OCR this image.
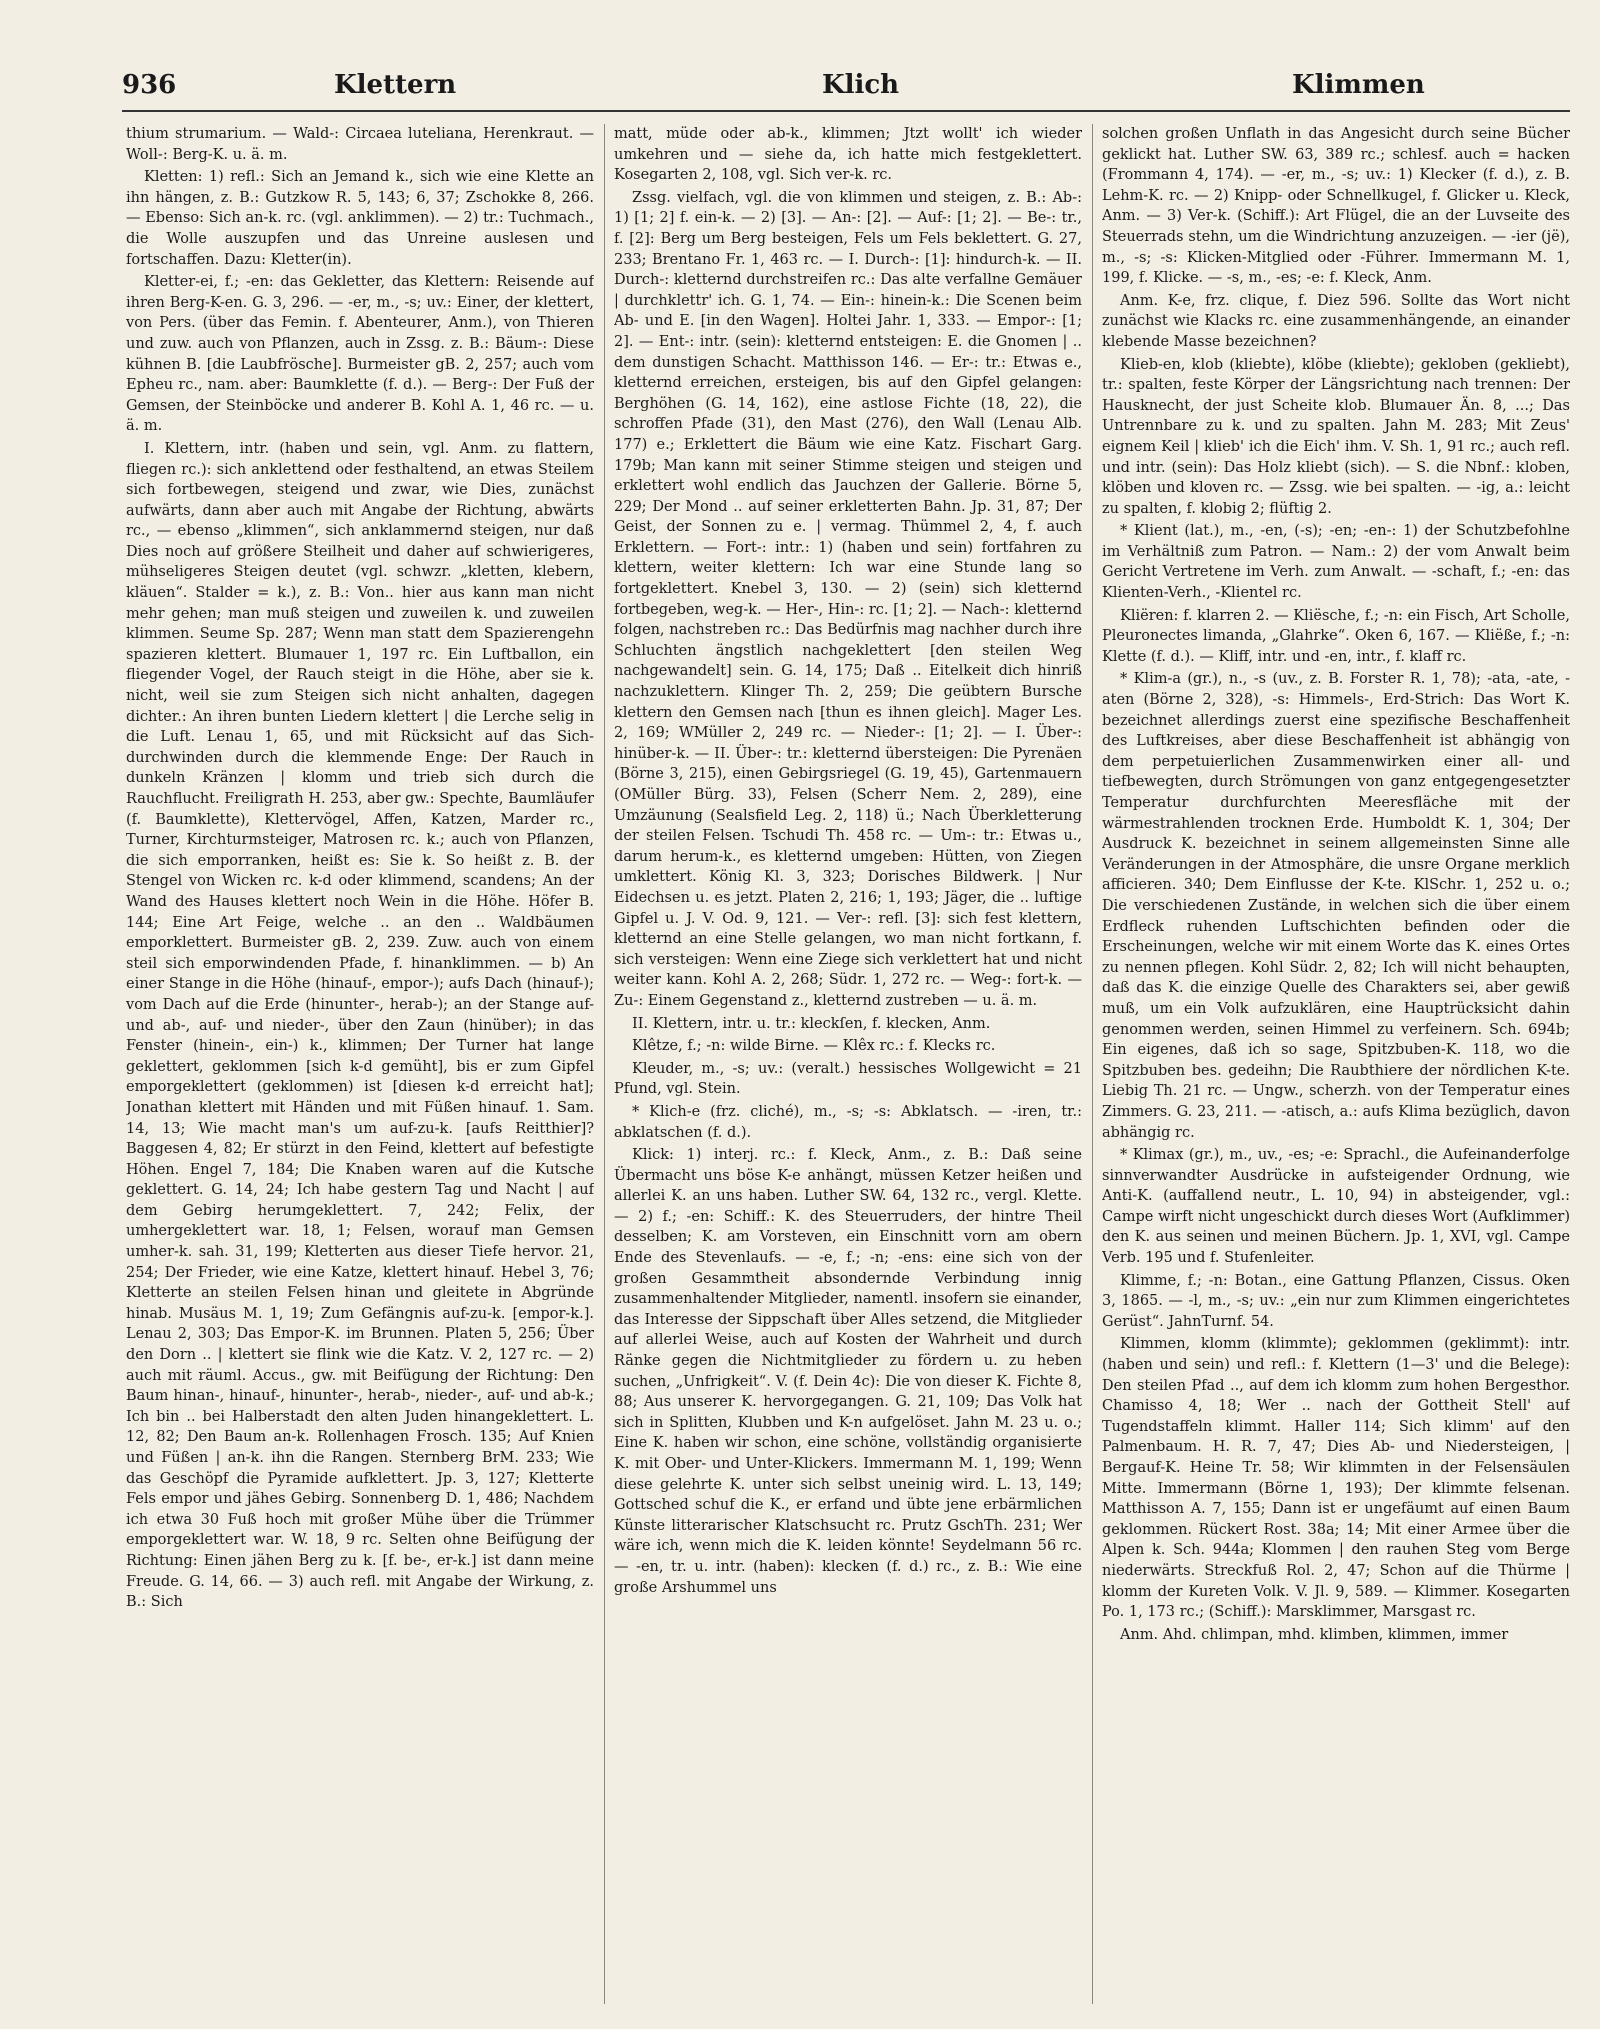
936	Klettern	Klich	Klimmen

thium strumarium. — Wald-: Circaea luteliana, Herenkraut. — Woll-: Berg-K. u. ä. m.

Kletten: 1) refl.: Sich an Jemand k., sich wie eine Klette an ihn hängen, z. B.: Gutzkow R. 5, 143; 6, 37; Zschokke 8, 266. — Ebenso: Sich an-k. rc. (vgl. anklimmen). — 2) tr.: Tuchmach., die Wolle auszupfen und das Unreine auslesen und fortschaffen. Dazu: Kletter(in).

Kletter-ei, f.; -en: das Gekletter, das Klettern: Reisende auf ihren Berg-K-en. G. 3, 296. — -er, m., -s; uv.: Einer, der klettert, von Pers. (über das Femin. f. Abenteurer, Anm.), von Thieren und zuw. auch von Pflanzen, auch in Zssg. z. B.: Bäum-: Diese kühnen B. [die Laubfrösche]. Burmeister gB. 2, 257; auch vom Epheu rc., nam. aber: Baumklette (f. d.). — Berg-: Der Fuß der Gemsen, der Steinböcke und anderer B. Kohl A. 1, 46 rc. — u. ä. m.

I. Klettern, intr. (haben und sein, vgl. Anm. zu flattern, fliegen rc.): sich anklettend oder festhaltend, an etwas Steilem sich fortbewegen, steigend und zwar, wie Dies, zunächst aufwärts, dann aber auch mit Angabe der Richtung, abwärts rc., — ebenso „klimmen“, sich anklammernd steigen, nur daß Dies noch auf größere Steilheit und daher auf schwierigeres, mühseligeres Steigen deutet (vgl. schwzr. „kletten, klebern, kläuen“. Stalder = k.), z. B.: Von.. hier aus kann man nicht mehr gehen; man muß steigen und zuweilen k. und zuweilen klimmen. Seume Sp. 287; Wenn man statt dem Spazierengehn spazieren klettert. Blumauer 1, 197 rc. Ein Luftballon, ein fliegender Vogel, der Rauch steigt in die Höhe, aber sie k. nicht, weil sie zum Steigen sich nicht anhalten, dagegen dichter.: An ihren bunten Liedern klettert | die Lerche selig in die Luft. Lenau 1, 65, und mit Rücksicht auf das Sich-durchwinden durch die klemmende Enge: Der Rauch in dunkeln Kränzen | klomm und trieb sich durch die Rauchflucht. Freiligrath H. 253, aber gw.: Spechte, Baumläufer (f. Baumklette), Klettervögel, Affen, Katzen, Marder rc., Turner, Kirchturmsteiger, Matrosen rc. k.; auch von Pflanzen, die sich emporranken, heißt es: Sie k. So heißt z. B. der Stengel von Wicken rc. k-d oder klimmend, scandens; An der Wand des Hauses klettert noch Wein in die Höhe. Höfer B. 144; Eine Art Feige, welche .. an den .. Waldbäumen emporklettert. Burmeister gB. 2, 239. Zuw. auch von einem steil sich emporwindenden Pfade, f. hinanklimmen. — b) An einer Stange in die Höhe (hinauf-, empor-); aufs Dach (hinauf-); vom Dach auf die Erde (hinunter-, herab-); an der Stange auf- und ab-, auf- und nieder-, über den Zaun (hinüber); in das Fenster (hinein-, ein-) k., klimmen; Der Turner hat lange geklettert, geklommen [sich k-d gemüht], bis er zum Gipfel emporgeklettert (geklommen) ist [diesen k-d erreicht hat]; Jonathan klettert mit Händen und mit Füßen hinauf. 1. Sam. 14, 13; Wie macht man's um auf-zu-k. [aufs Reitthier]? Baggesen 4, 82; Er stürzt in den Feind, klettert auf befestigte Höhen. Engel 7, 184; Die Knaben waren auf die Kutsche geklettert. G. 14, 24; Ich habe gestern Tag und Nacht | auf dem Gebirg herumgeklettert. 7, 242; Felix, der umhergeklettert war. 18, 1; Felsen, worauf man Gemsen umher-k. sah. 31, 199; Kletterten aus dieser Tiefe hervor. 21, 254; Der Frieder, wie eine Katze, klettert hinauf. Hebel 3, 76; Kletterte an steilen Felsen hinan und gleitete in Abgründe hinab. Musäus M. 1, 19; Zum Gefängnis auf-zu-k. [empor-k.]. Lenau 2, 303; Das Empor-K. im Brunnen. Platen 5, 256; Über den Dorn .. | klettert sie flink wie die Katz. V. 2, 127 rc. — 2) auch mit räuml. Accus., gw. mit Beifügung der Richtung: Den Baum hinan-, hinauf-, hinunter-, herab-, nieder-, auf- und ab-k.; Ich bin .. bei Halberstadt den alten Juden hinangeklettert. L. 12, 82; Den Baum an-k. Rollenhagen Frosch. 135; Auf Knien und Füßen | an-k. ihn die Rangen. Sternberg BrM. 233; Wie das Geschöpf die Pyramide aufklettert. Jp. 3, 127; Kletterte Fels empor und jähes Gebirg. Sonnenberg D. 1, 486; Nachdem ich etwa 30 Fuß hoch mit großer Mühe über die Trümmer emporgeklettert war. W. 18, 9 rc. Selten ohne Beifügung der Richtung: Einen jähen Berg zu k. [f. be-, er-k.] ist dann meine Freude. G. 14, 66. — 3) auch refl. mit Angabe der Wirkung, z. B.: Sich

matt, müde oder ab-k., klimmen; Jtzt wollt' ich wieder umkehren und — siehe da, ich hatte mich festgeklettert. Kosegarten 2, 108, vgl. Sich ver-k. rc.

Zssg. vielfach, vgl. die von klimmen und steigen, z. B.: Ab-: 1) [1; 2] f. ein-k. — 2) [3]. — An-: [2]. — Auf-: [1; 2]. — Be-: tr., f. [2]: Berg um Berg besteigen, Fels um Fels beklettert. G. 27, 233; Brentano Fr. 1, 463 rc. — I. Durch-: [1]: hindurch-k. — II. Durch-: kletternd durchstreifen rc.: Das alte verfallne Gemäuer | durchklettr' ich. G. 1, 74. — Ein-: hinein-k.: Die Scenen beim Ab- und E. [in den Wagen]. Holtei Jahr. 1, 333. — Empor-: [1; 2]. — Ent-: intr. (sein): kletternd entsteigen: E. die Gnomen | .. dem dunstigen Schacht. Matthisson 146. — Er-: tr.: Etwas e., kletternd erreichen, ersteigen, bis auf den Gipfel gelangen: Berghöhen (G. 14, 162), eine astlose Fichte (18, 22), die schroffen Pfade (31), den Mast (276), den Wall (Lenau Alb. 177) e.; Erklettert die Bäum wie eine Katz. Fischart Garg. 179b; Man kann mit seiner Stimme steigen und steigen und erklettert wohl endlich das Jauchzen der Gallerie. Börne 5, 229; Der Mond .. auf seiner erkletterten Bahn. Jp. 31, 87; Der Geist, der Sonnen zu e. | vermag. Thümmel 2, 4, f. auch Erklettern. — Fort-: intr.: 1) (haben und sein) fortfahren zu klettern, weiter klettern: Ich war eine Stunde lang so fortgeklettert. Knebel 3, 130. — 2) (sein) sich kletternd fortbegeben, weg-k. — Her-, Hin-: rc. [1; 2]. — Nach-: kletternd folgen, nachstreben rc.: Das Bedürfnis mag nachher durch ihre Schluchten ängstlich nachgeklettert [den steilen Weg nachgewandelt] sein. G. 14, 175; Daß .. Eitelkeit dich hinriß nachzuklettern. Klinger Th. 2, 259; Die geübtern Bursche klettern den Gemsen nach [thun es ihnen gleich]. Mager Les. 2, 169; WMüller 2, 249 rc. — Nieder-: [1; 2]. — I. Über-: hinüber-k. — II. Über-: tr.: kletternd übersteigen: Die Pyrenäen (Börne 3, 215), einen Gebirgsriegel (G. 19, 45), Gartenmauern (OMüller Bürg. 33), Felsen (Scherr Nem. 2, 289), eine Umzäunung (Sealsfield Leg. 2, 118) ü.; Nach Überkletterung der steilen Felsen. Tschudi Th. 458 rc. — Um-: tr.: Etwas u., darum herum-k., es kletternd umgeben: Hütten, von Ziegen umklettert. König Kl. 3, 323; Dorisches Bildwerk. | Nur Eidechsen u. es jetzt. Platen 2, 216; 1, 193; Jäger, die .. luftige Gipfel u. J. V. Od. 9, 121. — Ver-: refl. [3]: sich fest klettern, kletternd an eine Stelle gelangen, wo man nicht fortkann, f. sich versteigen: Wenn eine Ziege sich verklettert hat und nicht weiter kann. Kohl A. 2, 268; Südr. 1, 272 rc. — Weg-: fort-k. — Zu-: Einem Gegenstand z., kletternd zustreben — u. ä. m.

II. Klettern, intr. u. tr.: kleckſen, f. klecken, Anm.

Klêtze, f.; -n: wilde Birne. — Klêx rc.: f. Klecks rc.

Kleuder, m., -s; uv.: (veralt.) hessisches Wollgewicht = 21 Pfund, vgl. Stein.

* Klich-e (frz. cliché), m., -s; -s: Abklatsch. — -iren, tr.: abklatschen (f. d.).

Klick: 1) interj. rc.: f. Kleck, Anm., z. B.: Daß seine Übermacht uns böse K-e anhängt, müssen Ketzer heißen und allerlei K. an uns haben. Luther SW. 64, 132 rc., vergl. Klette. — 2) f.; -en: Schiff.: K. des Steuerruders, der hintre Theil desselben; K. am Vorsteven, ein Einschnitt vorn am obern Ende des Stevenlaufs. — -e, f.; -n; -ens: eine sich von der großen Gesammtheit absondernde Verbindung innig zusammenhaltender Mitglieder, namentl. insofern sie einander, das Interesse der Sippschaft über Alles setzend, die Mitglieder auf allerlei Weise, auch auf Kosten der Wahrheit und durch Ränke gegen die Nichtmitglieder zu fördern u. zu heben suchen, „Unfrigkeit“. V. (f. Dein 4c): Die von dieser K. Fichte 8, 88; Aus unserer K. hervorgegangen. G. 21, 109; Das Volk hat sich in Splitten, Klubben und K-n aufgelöset. Jahn M. 23 u. o.; Eine K. haben wir schon, eine schöne, vollständig organisierte K. mit Ober- und Unter-Klickers. Immermann M. 1, 199; Wenn diese gelehrte K. unter sich selbst uneinig wird. L. 13, 149; Gottsched schuf die K., er erfand und übte jene erbärmlichen Künste litterarischer Klatschsucht rc. Prutz GschTh. 231; Wer wäre ich, wenn mich die K. leiden könnte! Seydelmann 56 rc. — -en, tr. u. intr. (haben): klecken (f. d.) rc., z. B.: Wie eine große Arshummel uns

solchen großen Unflath in das Angesicht durch seine Bücher geklickt hat. Luther SW. 63, 389 rc.; schlesf. auch = hacken (Frommann 4, 174). — -er, m., -s; uv.: 1) Klecker (f. d.), z. B. Lehm-K. rc. — 2) Knipp- oder Schnellkugel, f. Glicker u. Kleck, Anm. — 3) Ver-k. (Schiff.): Art Flügel, die an der Luvseite des Steuerrads stehn, um die Windrichtung anzuzeigen. — -ier (jë), m., -s; -s: Klicken-Mitglied oder -Führer. Immermann M. 1, 199, f. Klicke. — -s, m., -es; -e: f. Kleck, Anm.

Anm. K-e, frz. clique, f. Diez 596. Sollte das Wort nicht zunächst wie Klacks rc. eine zusammenhängende, an einander klebende Masse bezeichnen?

Klieb-en, klob (kliebte), klöbe (kliebte); gekloben (gekliebt), tr.: spalten, feste Körper der Längsrichtung nach trennen: Der Hausknecht, der just Scheite klob. Blumauer Än. 8, ...; Das Untrennbare zu k. und zu spalten. Jahn M. 283; Mit Zeus' eignem Keil | klieb' ich die Eich' ihm. V. Sh. 1, 91 rc.; auch refl. und intr. (sein): Das Holz kliebt (sich). — S. die Nbnf.: kloben, klöben und kloven rc. — Zssg. wie bei spalten. — -ig, a.: leicht zu spalten, f. klobig 2; flüftig 2.

* Klient (lat.), m., -en, (-s); -en; -en-: 1) der Schutzbefohlne im Verhältniß zum Patron. — Nam.: 2) der vom Anwalt beim Gericht Vertretene im Verh. zum Anwalt. — -schaft, f.; -en: das Klienten-Verh., -Klientel rc.

Kliëren: f. klarren 2. — Kliësche, f.; -n: ein Fisch, Art Scholle, Pleuronectes limanda, „Glahrke“. Oken 6, 167. — Kliëße, f.; -n: Klette (f. d.). — Kliff, intr. und -en, intr., f. klaff rc.

* Klim-a (gr.), n., -s (uv., z. B. Forster R. 1, 78); -ata, -ate, -aten (Börne 2, 328), -s: Himmels-, Erd-Strich: Das Wort K. bezeichnet allerdings zuerst eine spezifische Beschaffenheit des Luftkreises, aber diese Beschaffenheit ist abhängig von dem perpetuierlichen Zusammenwirken einer all- und tiefbewegten, durch Strömungen von ganz entgegengesetzter Temperatur durchfurchten Meeresfläche mit der wärmestrahlenden trocknen Erde. Humboldt K. 1, 304; Der Ausdruck K. bezeichnet in seinem allgemeinsten Sinne alle Veränderungen in der Atmosphäre, die unsre Organe merklich afficieren. 340; Dem Einflusse der K-te. KlSchr. 1, 252 u. o.; Die verschiedenen Zustände, in welchen sich die über einem Erdfleck ruhenden Luftschichten befinden oder die Erscheinungen, welche wir mit einem Worte das K. eines Ortes zu nennen pflegen. Kohl Südr. 2, 82; Ich will nicht behaupten, daß das K. die einzige Quelle des Charakters sei, aber gewiß muß, um ein Volk aufzuklären, eine Hauptrücksicht dahin genommen werden, seinen Himmel zu verfeinern. Sch. 694b; Ein eigenes, daß ich so sage, Spitzbuben-K. 118, wo die Spitzbuben bes. gedeihn; Die Raubthiere der nördlichen K-te. Liebig Th. 21 rc. — Ungw., scherzh. von der Temperatur eines Zimmers. G. 23, 211. — -atisch, a.: aufs Klima bezüglich, davon abhängig rc.

* Klimax (gr.), m., uv., -es; -e: Sprachl., die Aufeinanderfolge sinnverwandter Ausdrücke in aufsteigender Ordnung, wie Anti-K. (auffallend neutr., L. 10, 94) in absteigender, vgl.: Campe wirft nicht ungeschickt durch dieses Wort (Aufklimmer) den K. aus seinen und meinen Büchern. Jp. 1, XVI, vgl. Campe Verb. 195 und f. Stufenleiter.

Klimme, f.; -n: Botan., eine Gattung Pflanzen, Cissus. Oken 3, 1865. — -l, m., -s; uv.: „ein nur zum Klimmen eingerichtetes Gerüst“. JahnTurnf. 54.

Klimmen, klomm (klimmte); geklommen (geklimmt): intr. (haben und sein) und refl.: f. Klettern (1—3' und die Belege): Den steilen Pfad .., auf dem ich klomm zum hohen Bergesthor. Chamisso 4, 18; Wer .. nach der Gottheit Stell' auf Tugendstaffeln klimmt. Haller 114; Sich klimm' auf den Palmenbaum. H. R. 7, 47; Dies Ab- und Niedersteigen, | Bergauf-K. Heine Tr. 58; Wir klimmten in der Felsensäulen Mitte. Immermann (Börne 1, 193); Der klimmte felsenan. Matthisson A. 7, 155; Dann ist er ungefäumt auf einen Baum geklommen. Rückert Rost. 38a; 14; Mit einer Armee über die Alpen k. Sch. 944a; Klommen | den rauhen Steg vom Berge niederwärts. Streckfuß Rol. 2, 47; Schon auf die Thürme | klomm der Kureten Volk. V. Jl. 9, 589. — Klimmer. Kosegarten Po. 1, 173 rc.; (Schiff.): Marsklimmer, Marsgast rc.

Anm. Ahd. chlimpan, mhd. klimben, klimmen, immer
